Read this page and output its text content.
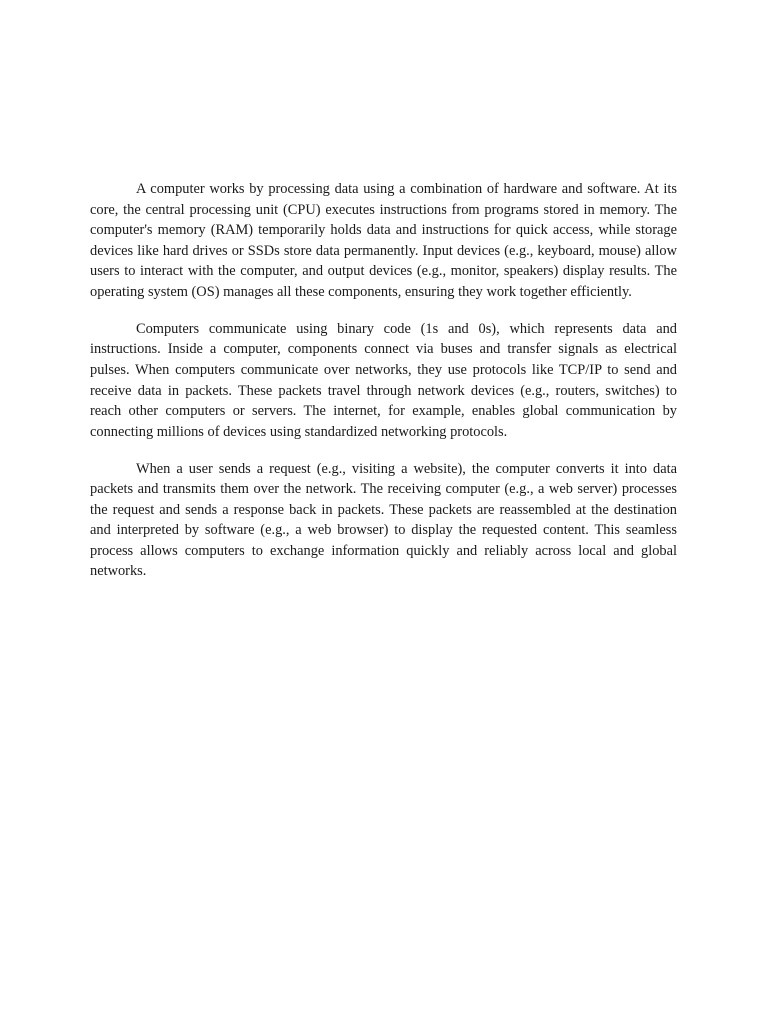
A computer works by processing data using a combination of hardware and software. At its core, the central processing unit (CPU) executes instructions from programs stored in memory. The computer's memory (RAM) temporarily holds data and instructions for quick access, while storage devices like hard drives or SSDs store data permanently. Input devices (e.g., keyboard, mouse) allow users to interact with the computer, and output devices (e.g., monitor, speakers) display results. The operating system (OS) manages all these components, ensuring they work together efficiently.

Computers communicate using binary code (1s and 0s), which represents data and instructions. Inside a computer, components connect via buses and transfer signals as electrical pulses. When computers communicate over networks, they use protocols like TCP/IP to send and receive data in packets. These packets travel through network devices (e.g., routers, switches) to reach other computers or servers. The internet, for example, enables global communication by connecting millions of devices using standardized networking protocols.

When a user sends a request (e.g., visiting a website), the computer converts it into data packets and transmits them over the network. The receiving computer (e.g., a web server) processes the request and sends a response back in packets. These packets are reassembled at the destination and interpreted by software (e.g., a web browser) to display the requested content. This seamless process allows computers to exchange information quickly and reliably across local and global networks.
